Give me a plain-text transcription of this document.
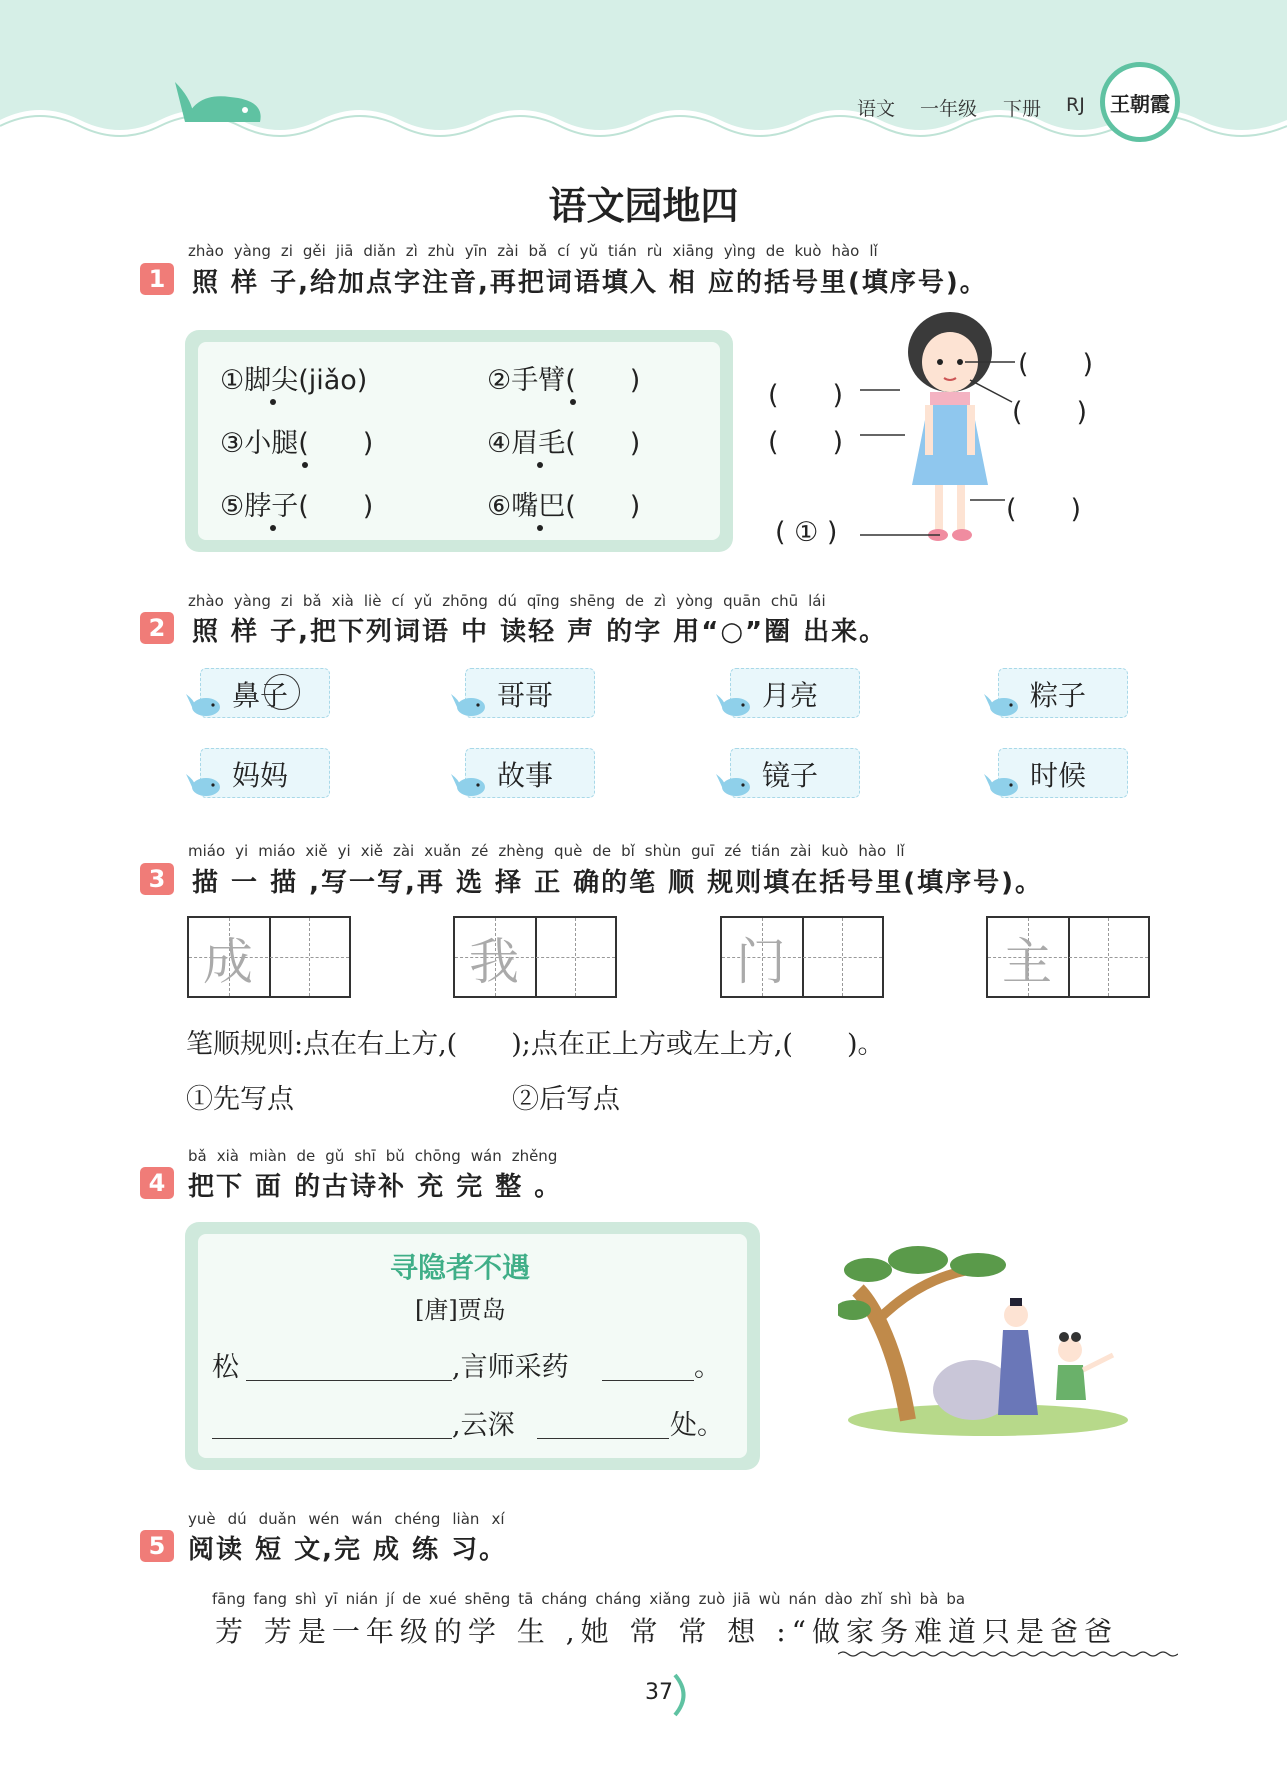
语文 一年级 下册 RJ 王朝霞
语文园地四
1
zhào yàng zi gěi jiā diǎn zì zhù yīn zài bǎ cí yǔ tián rù xiāng yìng de kuò hào lǐ
照 样 子,给加点字注音,再把词语填入 相 应的括号里(填序号)。
①脚尖(jiǎo)	②手臂(　　)
③小腿(　　)	④眉毛(　　)
⑤脖子(　　)	⑥嘴巴(　　)
(　　)
(　　)
(　　)
(　　)
(　　)
( ① )
2
zhào yàng zi bǎ xià liè cí yǔ zhōng dú qīng shēng de zì yòng quān chū lái
照 样 子,把下列词语 中 读轻 声 的字 用“○”圈 出来。
鼻子	哥哥	月亮	粽子
妈妈	故事	镜子	时候
3
miáo yi miáo xiě yi xiě zài xuǎn zé zhèng què de bǐ shùn guī zé tián zài kuò hào lǐ
描 一 描 ,写一写,再 选 择 正 确的笔 顺 规则填在括号里(填序号)。
成	我	门	主
笔顺规则:点在右上方,(　　);点在正上方或左上方,(　　)。
①先写点	②后写点
4
bǎ xià miàn de gǔ shī bǔ chōng wán zhěng
把下 面 的古诗补 充 完 整 。
寻隐者不遇
[唐]贾岛
松	,言师采药	。
,云深	处。
5
yuè dú duǎn wén wán chéng liàn xí
阅读 短 文,完 成 练 习。
fāng fang shì yī nián jí de xué shēng tā cháng cháng xiǎng zuò jiā wù nán dào zhǐ shì bà ba
芳 芳是一年级的学 生 ,她 常 常 想 :“做家务难道只是爸爸
37
